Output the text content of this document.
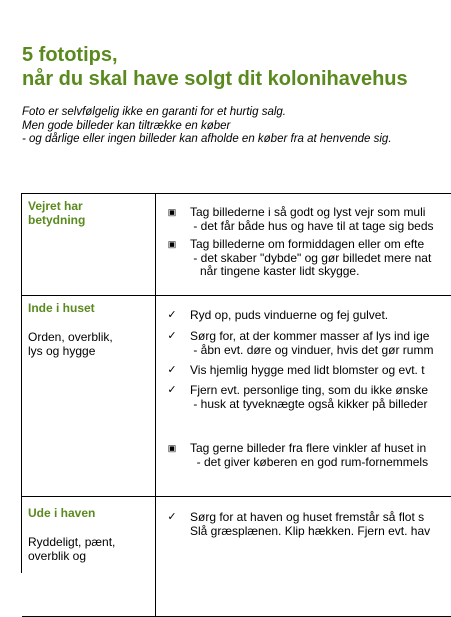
5 fototips,
når du skal have solgt dit kolonihavehus
Foto er selvfølgelig ikke en garanti for et hurtig salg.
Men gode billeder kan tiltrække en køber
- og dårlige eller ingen billeder kan afholde en køber fra at henvende sig.
Vejret har
betydning
▣
Tag billederne i så godt og lyst vejr som muli
- det får både hus og have til at tage sig beds
▣
Tag billederne om formiddagen eller om efte
- det skaber "dybde" og gør billedet mere nat
når tingene kaster lidt skygge.
Inde i huset
Orden, overblik,
lys og hygge
✓
Ryd op, puds vinduerne og fej gulvet.
✓
Sørg for, at der kommer masser af lys ind ige
- åbn evt. døre og vinduer, hvis det gør rumm
✓
Vis hjemlig hygge med lidt blomster og evt. t
✓
Fjern evt. personlige ting, som du ikke ønske
- husk at tyveknægte også kikker på billeder
▣
Tag gerne billeder fra flere vinkler af huset in
- det giver køberen en god rum-fornemmels
Ude i haven
Ryddeligt, pænt,
overblik og
✓
Sørg for at haven og huset fremstår så flot s
Slå græsplænen. Klip hækken. Fjern evt. hav
